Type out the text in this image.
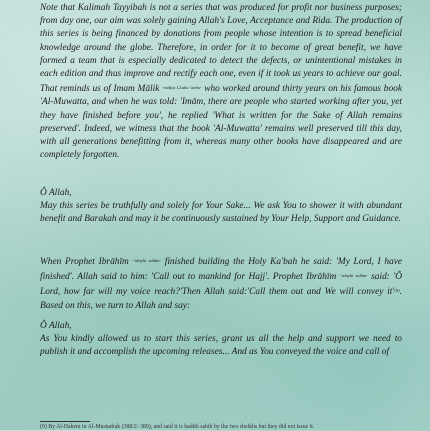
Note that Kalimah Tayyibah is not a series that was produced for profit nor business purposes; from day one, our aim was solely gaining Allah's Love, Acceptance and Rida. The production of this series is being financed by donations from people whose intention is to spread beneficial knowledge around the globe. Therefore, in order for it to become of great benefit, we have formed a team that is especially dedicated to detect the defects, or unintentional mistakes in each edition and thus improve and rectify each one, even if it took us years to achieve our goal. That reminds us of Imam Mālik $^{-radiya LLahu 'anhu-}$ who worked around thirty years on his famous book 'Al-Muwatta, and when he was told: 'Imām, there are people who started working after you, yet they have finished before you', he replied 'What is written for the Sake of Allah remains preserved'. Indeed, we witness that the book 'Al-Muwatta' remains well preserved till this day, with all generations benefitting from it, whereas many other books have disappeared and are completely forgotten.
Ô Allah,
May this series be truthfully and solely for Your Sake... We ask You to shower it with abundant benefit and Barakah and may it be continuously sustained by Your Help, Support and Guidance.
When Prophet Ibrāhīm $^{-'alayhi salām-}$ finished building the Holy Ka'bah he said: 'My Lord, I have finished'. Allah said to him: 'Call out to mankind for Hajj'. Prophet Ibrāhīm $^{-'alayhi salām-}$ said: 'Ô Lord, how far will my voice reach?'Then Allah said:'Call them out and We will convey $it'^{(9)}$. Based on this, we turn to Allah and say:
Ô Allah,
As You kindly allowed us to start this series, grant us all the help and support we need to publish it and accomplish the upcoming releases... And as You conveyed the voice and call of
(9) By Al-Hakem in Al-Mustadrak (388/2- 389), and said it is hadith sahih by the two sheikhs but they did not issue it.
